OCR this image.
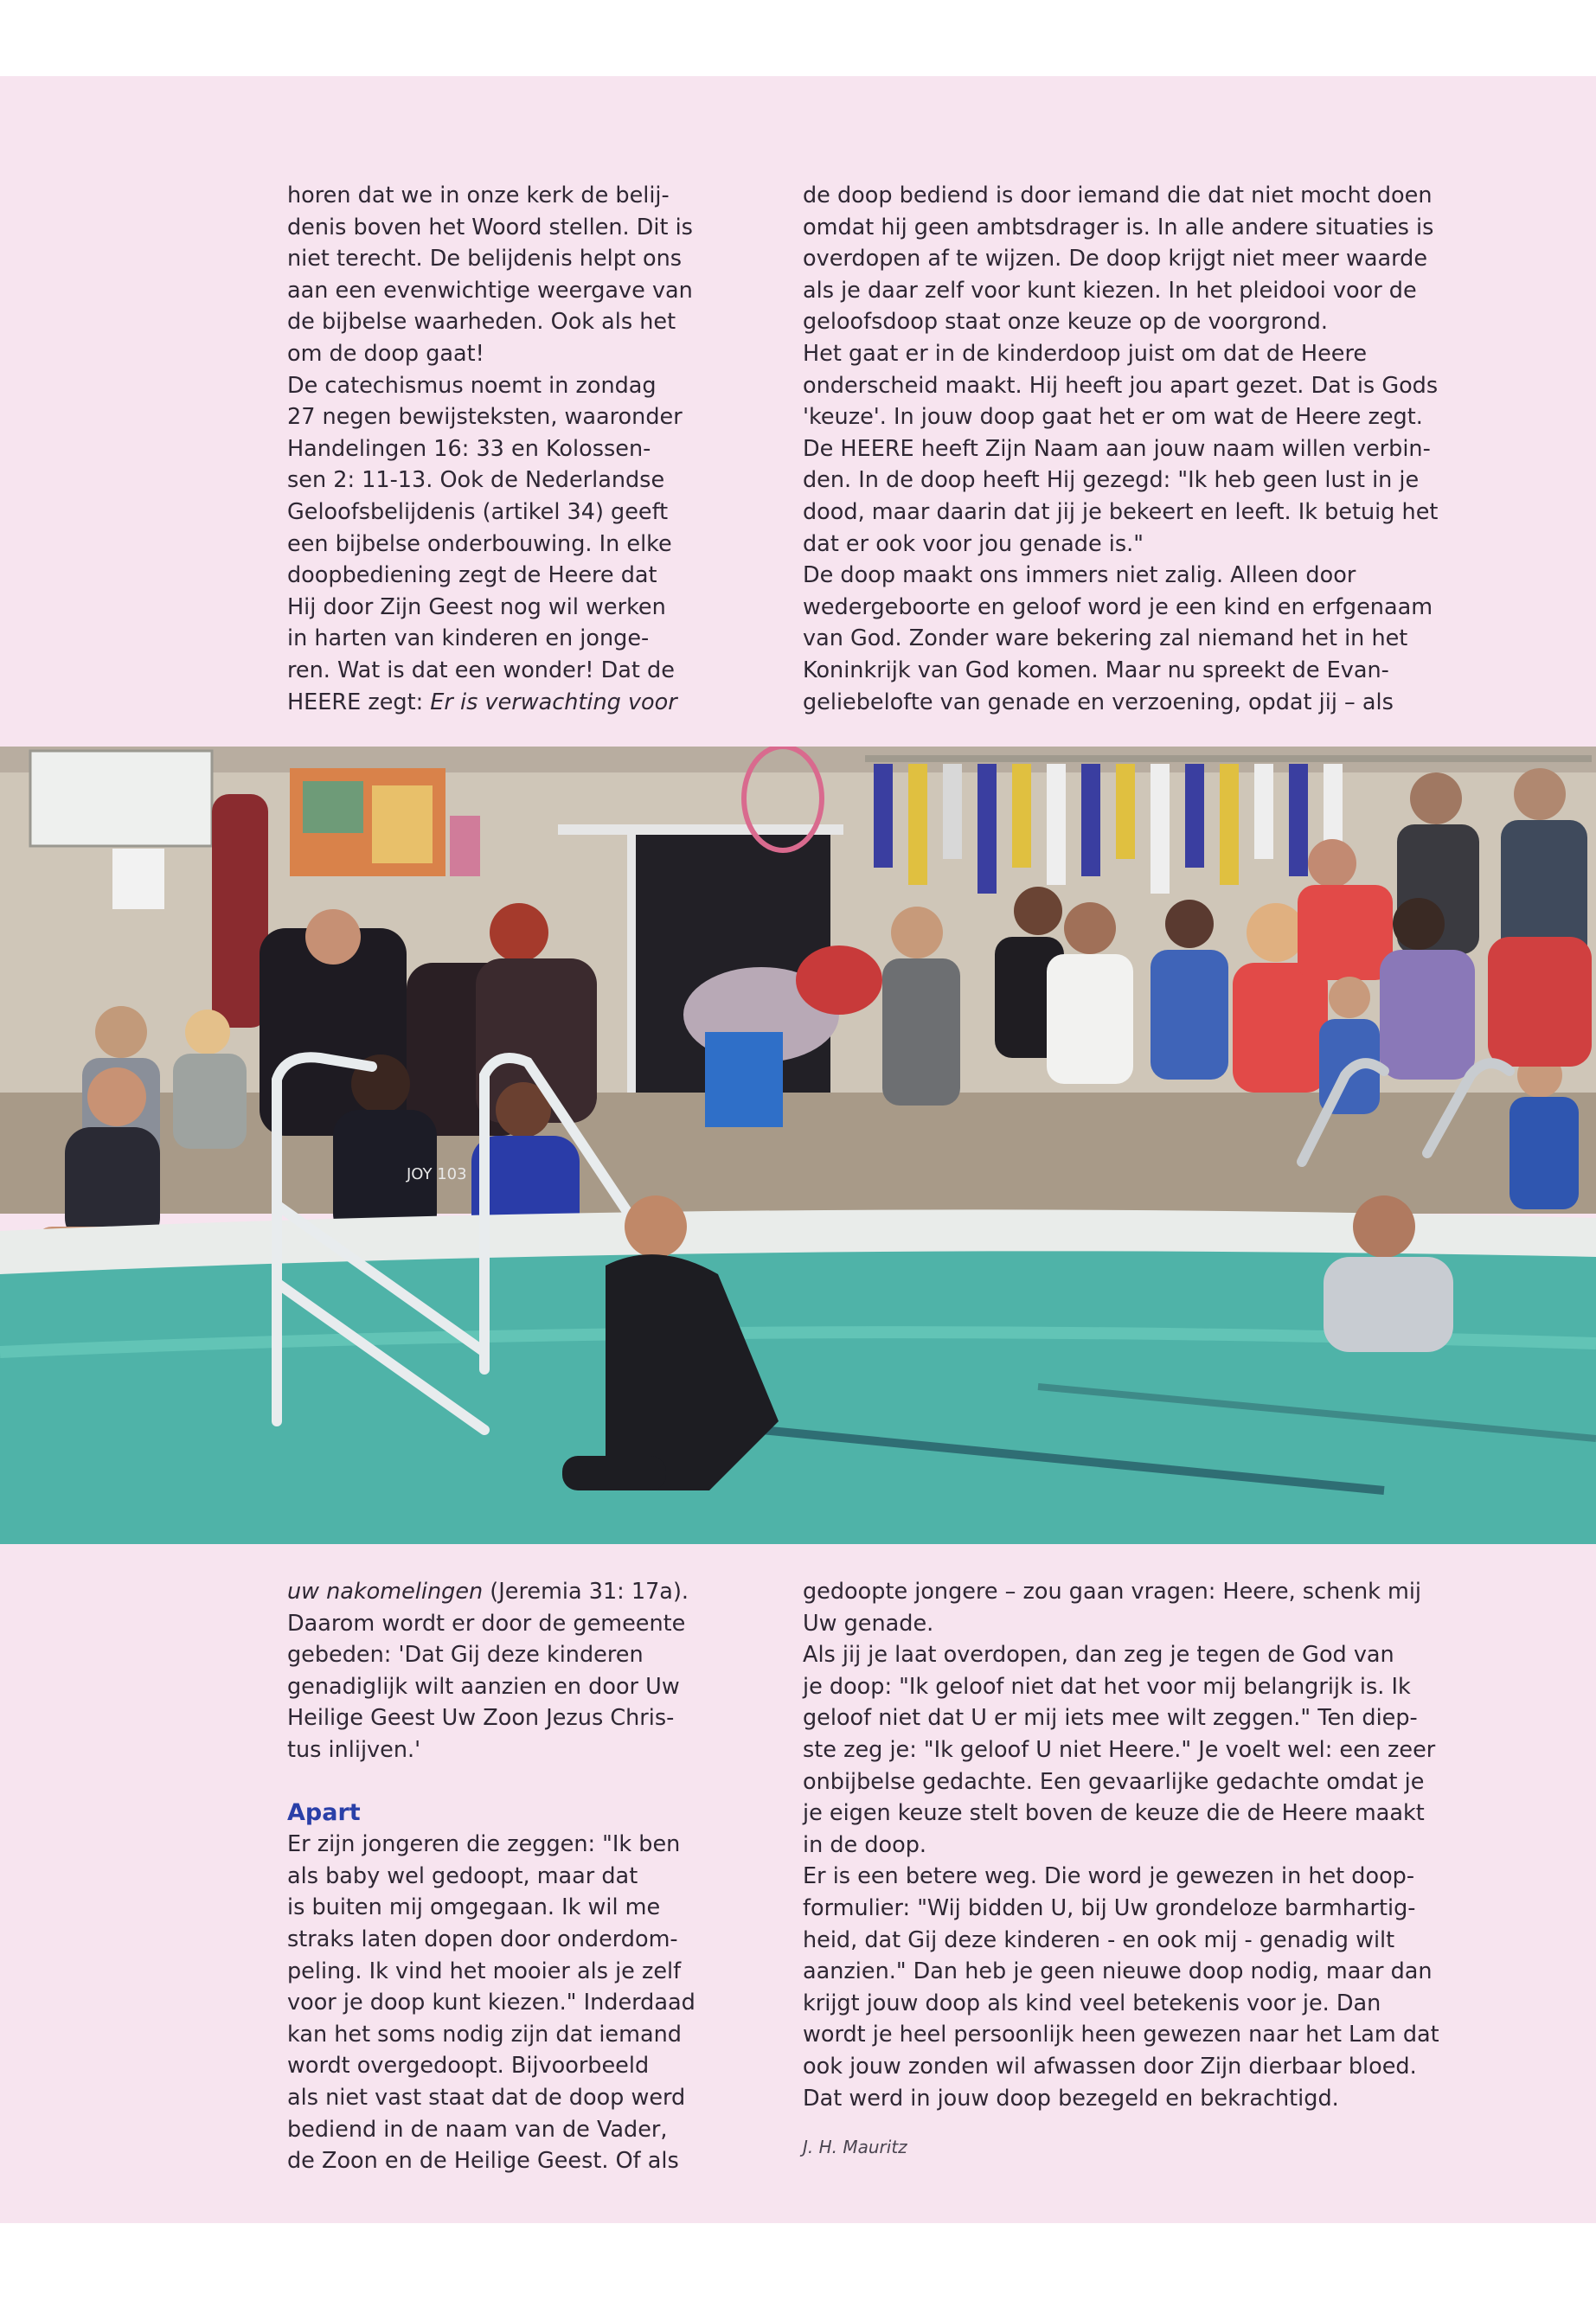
horen dat we in onze kerk de belij-

denis boven het Woord stellen. Dit is

niet terecht. De belijdenis helpt ons

aan een evenwichtige weergave van

de bijbelse waarheden. Ook als het

om de doop gaat!

De catechismus noemt in zondag

27 negen bewijsteksten, waaronder

Handelingen 16: 33 en Kolossen-

sen 2: 11-13. Ook de Nederlandse

Geloofsbelijdenis (artikel 34) geeft

een bijbelse onderbouwing. In elke

doopbediening zegt de Heere dat

Hij door Zijn Geest nog wil werken

in harten van kinderen en jonge-

ren. Wat is dat een wonder! Dat de

HEERE zegt: Er is verwachting voor

de doop bediend is door iemand die dat niet mocht doen

omdat hij geen ambtsdrager is. In alle andere situaties is

overdopen af te wijzen. De doop krijgt niet meer waarde

als je daar zelf voor kunt kiezen. In het pleidooi voor de

geloofsdoop staat onze keuze op de voorgrond.

Het gaat er in de kinderdoop juist om dat de Heere

onderscheid maakt. Hij heeft jou apart gezet. Dat is Gods

'keuze'. In jouw doop gaat het er om wat de Heere zegt.

De HEERE heeft Zijn Naam aan jouw naam willen verbin-

den. In de doop heeft Hij gezegd: "Ik heb geen lust in je

dood, maar daarin dat jij je bekeert en leeft. Ik betuig het

dat er ook voor jou genade is."

De doop maakt ons immers niet zalig. Alleen door

wedergeboorte en geloof word je een kind en erfgenaam

van God. Zonder ware bekering zal niemand het in het

Koninkrijk van God komen. Maar nu spreekt de Evan-

geliebelofte van genade en verzoening, opdat jij – als

JOY 103

uw nakomelingen (Jeremia 31: 17a).

Daarom wordt er door de gemeente

gebeden: 'Dat Gij deze kinderen

genadiglijk wilt aanzien en door Uw

Heilige Geest Uw Zoon Jezus Chris-

tus inlijven.'

Apart

Er zijn jongeren die zeggen: "Ik ben

als baby wel gedoopt, maar dat

is buiten mij omgegaan. Ik wil me

straks laten dopen door onderdom-

peling. Ik vind het mooier als je zelf

voor je doop kunt kiezen." Inderdaad

kan het soms nodig zijn dat iemand

wordt overgedoopt. Bijvoorbeeld

als niet vast staat dat de doop werd

bediend in de naam van de Vader,

de Zoon en de Heilige Geest. Of als

gedoopte jongere – zou gaan vragen: Heere, schenk mij

Uw genade.

Als jij je laat overdopen, dan zeg je tegen de God van

je doop: "Ik geloof niet dat het voor mij belangrijk is. Ik

geloof niet dat U er mij iets mee wilt zeggen." Ten diep-

ste zeg je: "Ik geloof U niet Heere." Je voelt wel: een zeer

onbijbelse gedachte. Een gevaarlijke gedachte omdat je

je eigen keuze stelt boven de keuze die de Heere maakt

in de doop.

Er is een betere weg. Die word je gewezen in het doop-

formulier: "Wij bidden U, bij Uw grondeloze barmhartig-

heid, dat Gij deze kinderen - en ook mij - genadig wilt

aanzien." Dan heb je geen nieuwe doop nodig, maar dan

krijgt jouw doop als kind veel betekenis voor je. Dan

wordt je heel persoonlijk heen gewezen naar het Lam dat

ook jouw zonden wil afwassen door Zijn dierbaar bloed.

Dat werd in jouw doop bezegeld en bekrachtigd.

J. H. Mauritz
